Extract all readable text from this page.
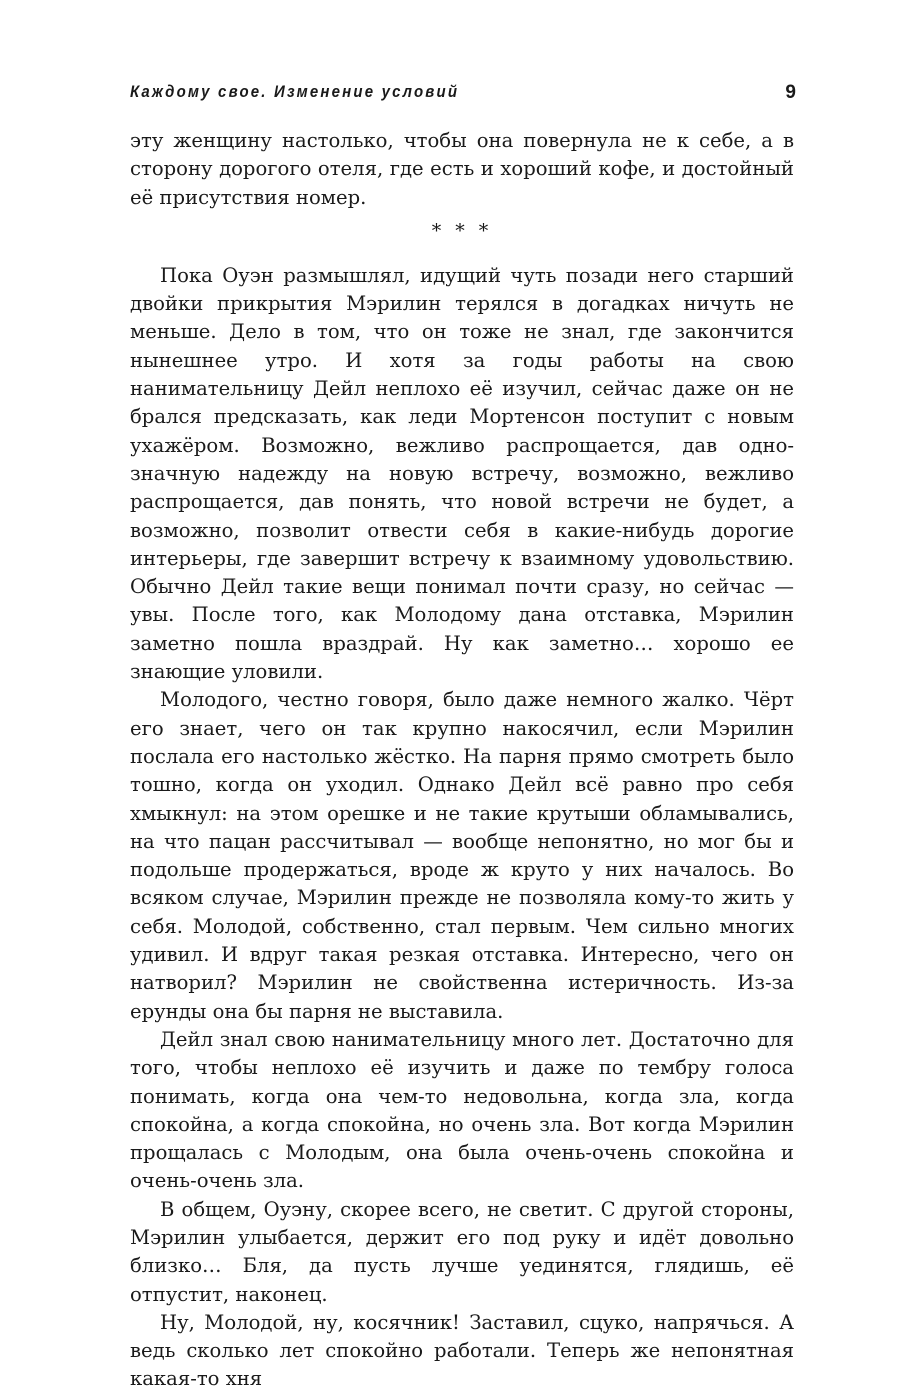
Каждому свое. Изменение условий	9

эту женщину настолько, чтобы она повернула не к себе, а в сторону дорогого отеля, где есть и хороший кофе, и достойный её присутствия номер.

* * *

Пока Оуэн размышлял, идущий чуть позади него старший двойки прикрытия Мэрилин терялся в догадках ничуть не меньше. Дело в том, что он тоже не знал, где закончится нынешнее утро. И хотя за годы работы на свою нанимательницу Дейл неплохо её изучил, сейчас даже он не брался предсказать, как леди Мортенсон поступит с новым ухажёром. Возможно, вежливо распрощается, дав однозначную надежду на новую встречу, возможно, вежливо распрощается, дав понять, что новой встречи не будет, а возможно, позволит отвести себя в какие-нибудь дорогие интерьеры, где завершит встречу к взаимному удовольствию. Обычно Дейл такие вещи понимал почти сразу, но сейчас — увы. После того, как Молодому дана отставка, Мэрилин заметно пошла враздрай. Ну как заметно… хорошо ее знающие уловили.

Молодого, честно говоря, было даже немного жалко. Чёрт его знает, чего он так крупно накосячил, если Мэрилин послала его настолько жёстко. На парня прямо смотреть было тошно, когда он уходил. Однако Дейл всё равно про себя хмыкнул: на этом орешке и не такие крутыши обламывались, на что пацан рассчитывал — вообще непонятно, но мог бы и подольше продержаться, вроде ж круто у них началось. Во всяком случае, Мэрилин прежде не позволяла кому-то жить у себя. Молодой, собственно, стал первым. Чем сильно многих удивил. И вдруг такая резкая отставка. Интересно, чего он натворил? Мэрилин не свойственна истеричность. Из-за ерунды она бы парня не выставила.

Дейл знал свою нанимательницу много лет. Достаточно для того, чтобы неплохо её изучить и даже по тембру голоса понимать, когда она чем-то недовольна, когда зла, когда спокойна, а когда спокойна, но очень зла. Вот когда Мэрилин прощалась с Молодым, она была очень-очень спокойна и очень-очень зла.

В общем, Оуэну, скорее всего, не светит. С другой стороны, Мэрилин улыбается, держит его под руку и идёт довольно близко… Бля, да пусть лучше уединятся, глядишь, её отпустит, наконец.

Ну, Молодой, ну, косячник! Заставил, сцуко, напрячься. А ведь сколько лет спокойно работали. Теперь же непонятная какая-то хня
